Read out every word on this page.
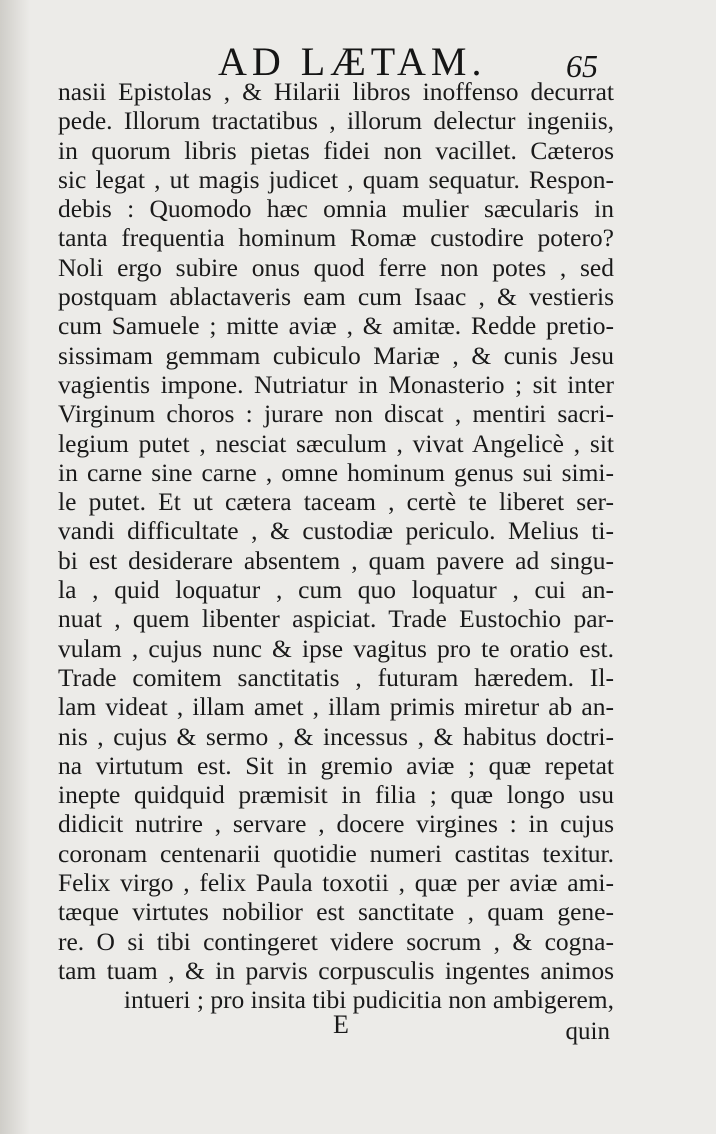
AD LÆTAM. 65
nasii Epistolas , & Hilarii libros inoffenso decurrat
pede. Illorum tractatibus , illorum delectur ingeniis,
in quorum libris pietas fidei non vacillet. Cæteros
sic legat , ut magis judicet , quam sequatur. Respon-
debis : Quomodo hæc omnia mulier sæcularis in
tanta frequentia hominum Romæ custodire potero?
Noli ergo subire onus quod ferre non potes , sed
postquam ablactaveris eam cum Isaac , & vestieris
cum Samuele ; mitte aviæ , & amitæ. Redde pretio-
sissimam gemmam cubiculo Mariæ , & cunis Jesu
vagientis impone. Nutriatur in Monasterio ; sit inter
Virginum choros : jurare non discat , mentiri sacri-
legium putet , nesciat sæculum , vivat Angelicè , sit
in carne sine carne , omne hominum genus sui simi-
le putet. Et ut cætera taceam , certè te liberet ser-
vandi difficultate , & custodiæ periculo. Melius ti-
bi est desiderare absentem , quam pavere ad singu-
la , quid loquatur , cum quo loquatur , cui an-
nuat , quem libenter aspiciat. Trade Eustochio par-
vulam , cujus nunc & ipse vagitus pro te oratio est.
Trade comitem sanctitatis , futuram hæredem. Il-
lam videat , illam amet , illam primis miretur ab an-
nis , cujus & sermo , & incessus , & habitus doctri-
na virtutum est. Sit in gremio aviæ ; quæ repetat
inepte quidquid præmisit in filia ; quæ longo usu
didicit nutrire , servare , docere virgines : in cujus
coronam centenarii quotidie numeri castitas texitur.
Felix virgo , felix Paula toxotii , quæ per aviæ ami-
tæque virtutes nobilior est sanctitate , quam gene-
re. O si tibi contingeret videre socrum , & cogna-
tam tuam , & in parvis corpusculis ingentes animos
intueri ; pro insita tibi pudicitia non ambigerem,
E	quin
